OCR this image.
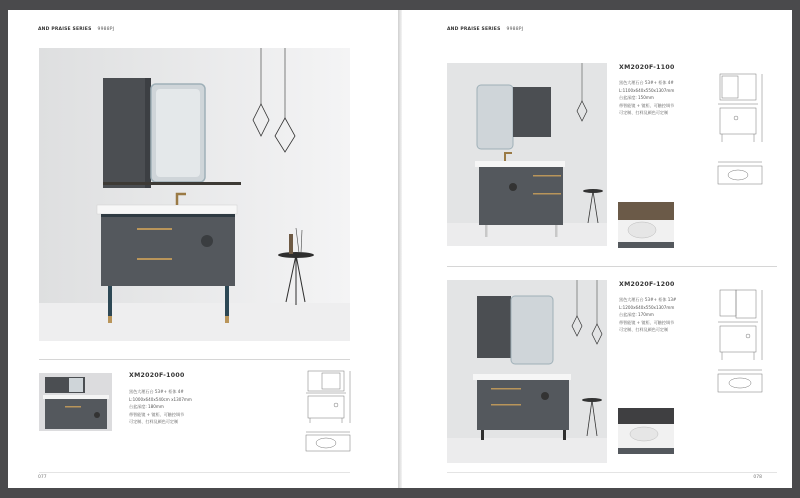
AND PRAISE SERIES 9988PJ
XM2020F-1000
黑色大理石台 53#+ 柜体 4#
L:1000x640x540cm x1307mm
台盆深度: 180mm
带智能镜 + 镜柜、可触控调节
可定制、打样及颜色可定制
077
AND PRAISE SERIES 9988PJ
XM2020F-1100
黑色大理石台 53#+ 柜体 4#
L:1100x640x550x1307mm
台盆深度: 150mm
带智能镜 + 镜柜、可触控调节
可定制、打样及颜色可定制
XM2020F-1200
黑色大理石台 53#+ 柜体 13#
L:1200x640x550x1307mm
台盆深度: 170mm
带智能镜 + 镜柜、可触控调节
可定制、打样及颜色可定制
078
